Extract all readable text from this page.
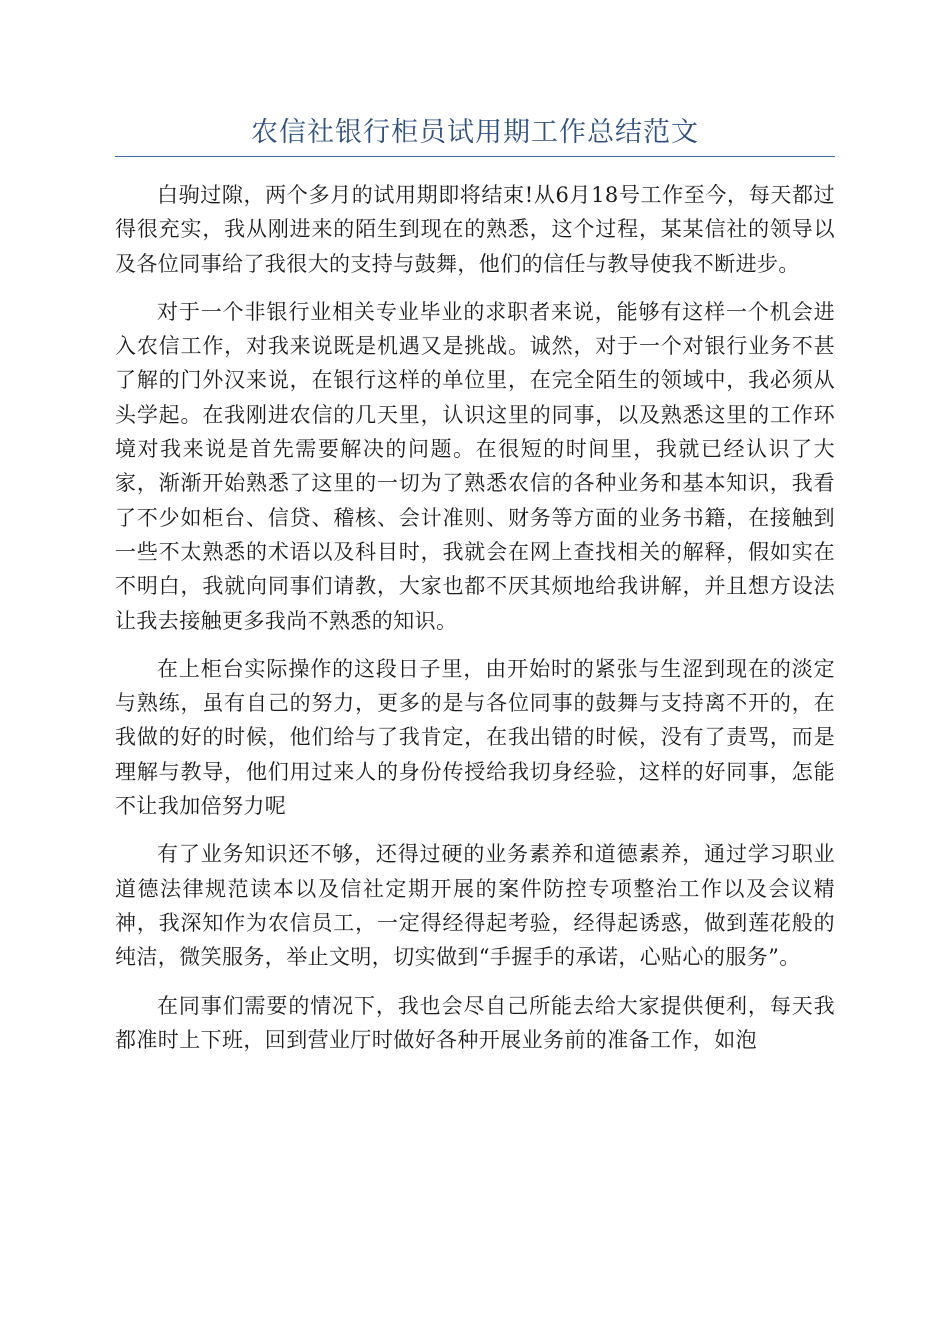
农信社银行柜员试用期工作总结范文

白驹过隙，两个多月的试用期即将结束!从6月18号工作至今，每天都过得很充实，我从刚进来的陌生到现在的熟悉，这个过程，某某信社的领导以及各位同事给了我很大的支持与鼓舞，他们的信任与教导使我不断进步。

对于一个非银行业相关专业毕业的求职者来说，能够有这样一个机会进入农信工作，对我来说既是机遇又是挑战。诚然，对于一个对银行业务不甚了解的门外汉来说，在银行这样的单位里，在完全陌生的领域中，我必须从头学起。在我刚进农信的几天里，认识这里的同事，以及熟悉这里的工作环境对我来说是首先需要解决的问题。在很短的时间里，我就已经认识了大家，渐渐开始熟悉了这里的一切为了熟悉农信的各种业务和基本知识，我看了不少如柜台、信贷、稽核、会计准则、财务等方面的业务书籍，在接触到一些不太熟悉的术语以及科目时，我就会在网上查找相关的解释，假如实在不明白，我就向同事们请教，大家也都不厌其烦地给我讲解，并且想方设法让我去接触更多我尚不熟悉的知识。

在上柜台实际操作的这段日子里，由开始时的紧张与生涩到现在的淡定与熟练，虽有自己的努力，更多的是与各位同事的鼓舞与支持离不开的，在我做的好的时候，他们给与了我肯定，在我出错的时候，没有了责骂，而是理解与教导，他们用过来人的身份传授给我切身经验，这样的好同事，怎能不让我加倍努力呢

有了业务知识还不够，还得过硬的业务素养和道德素养，通过学习职业道德法律规范读本以及信社定期开展的案件防控专项整治工作以及会议精神，我深知作为农信员工，一定得经得起考验，经得起诱惑，做到莲花般的纯洁，微笑服务，举止文明，切实做到“手握手的承诺，心贴心的服务”。

在同事们需要的情况下，我也会尽自己所能去给大家提供便利，每天我都准时上下班，回到营业厅时做好各种开展业务前的准备工作，如泡
